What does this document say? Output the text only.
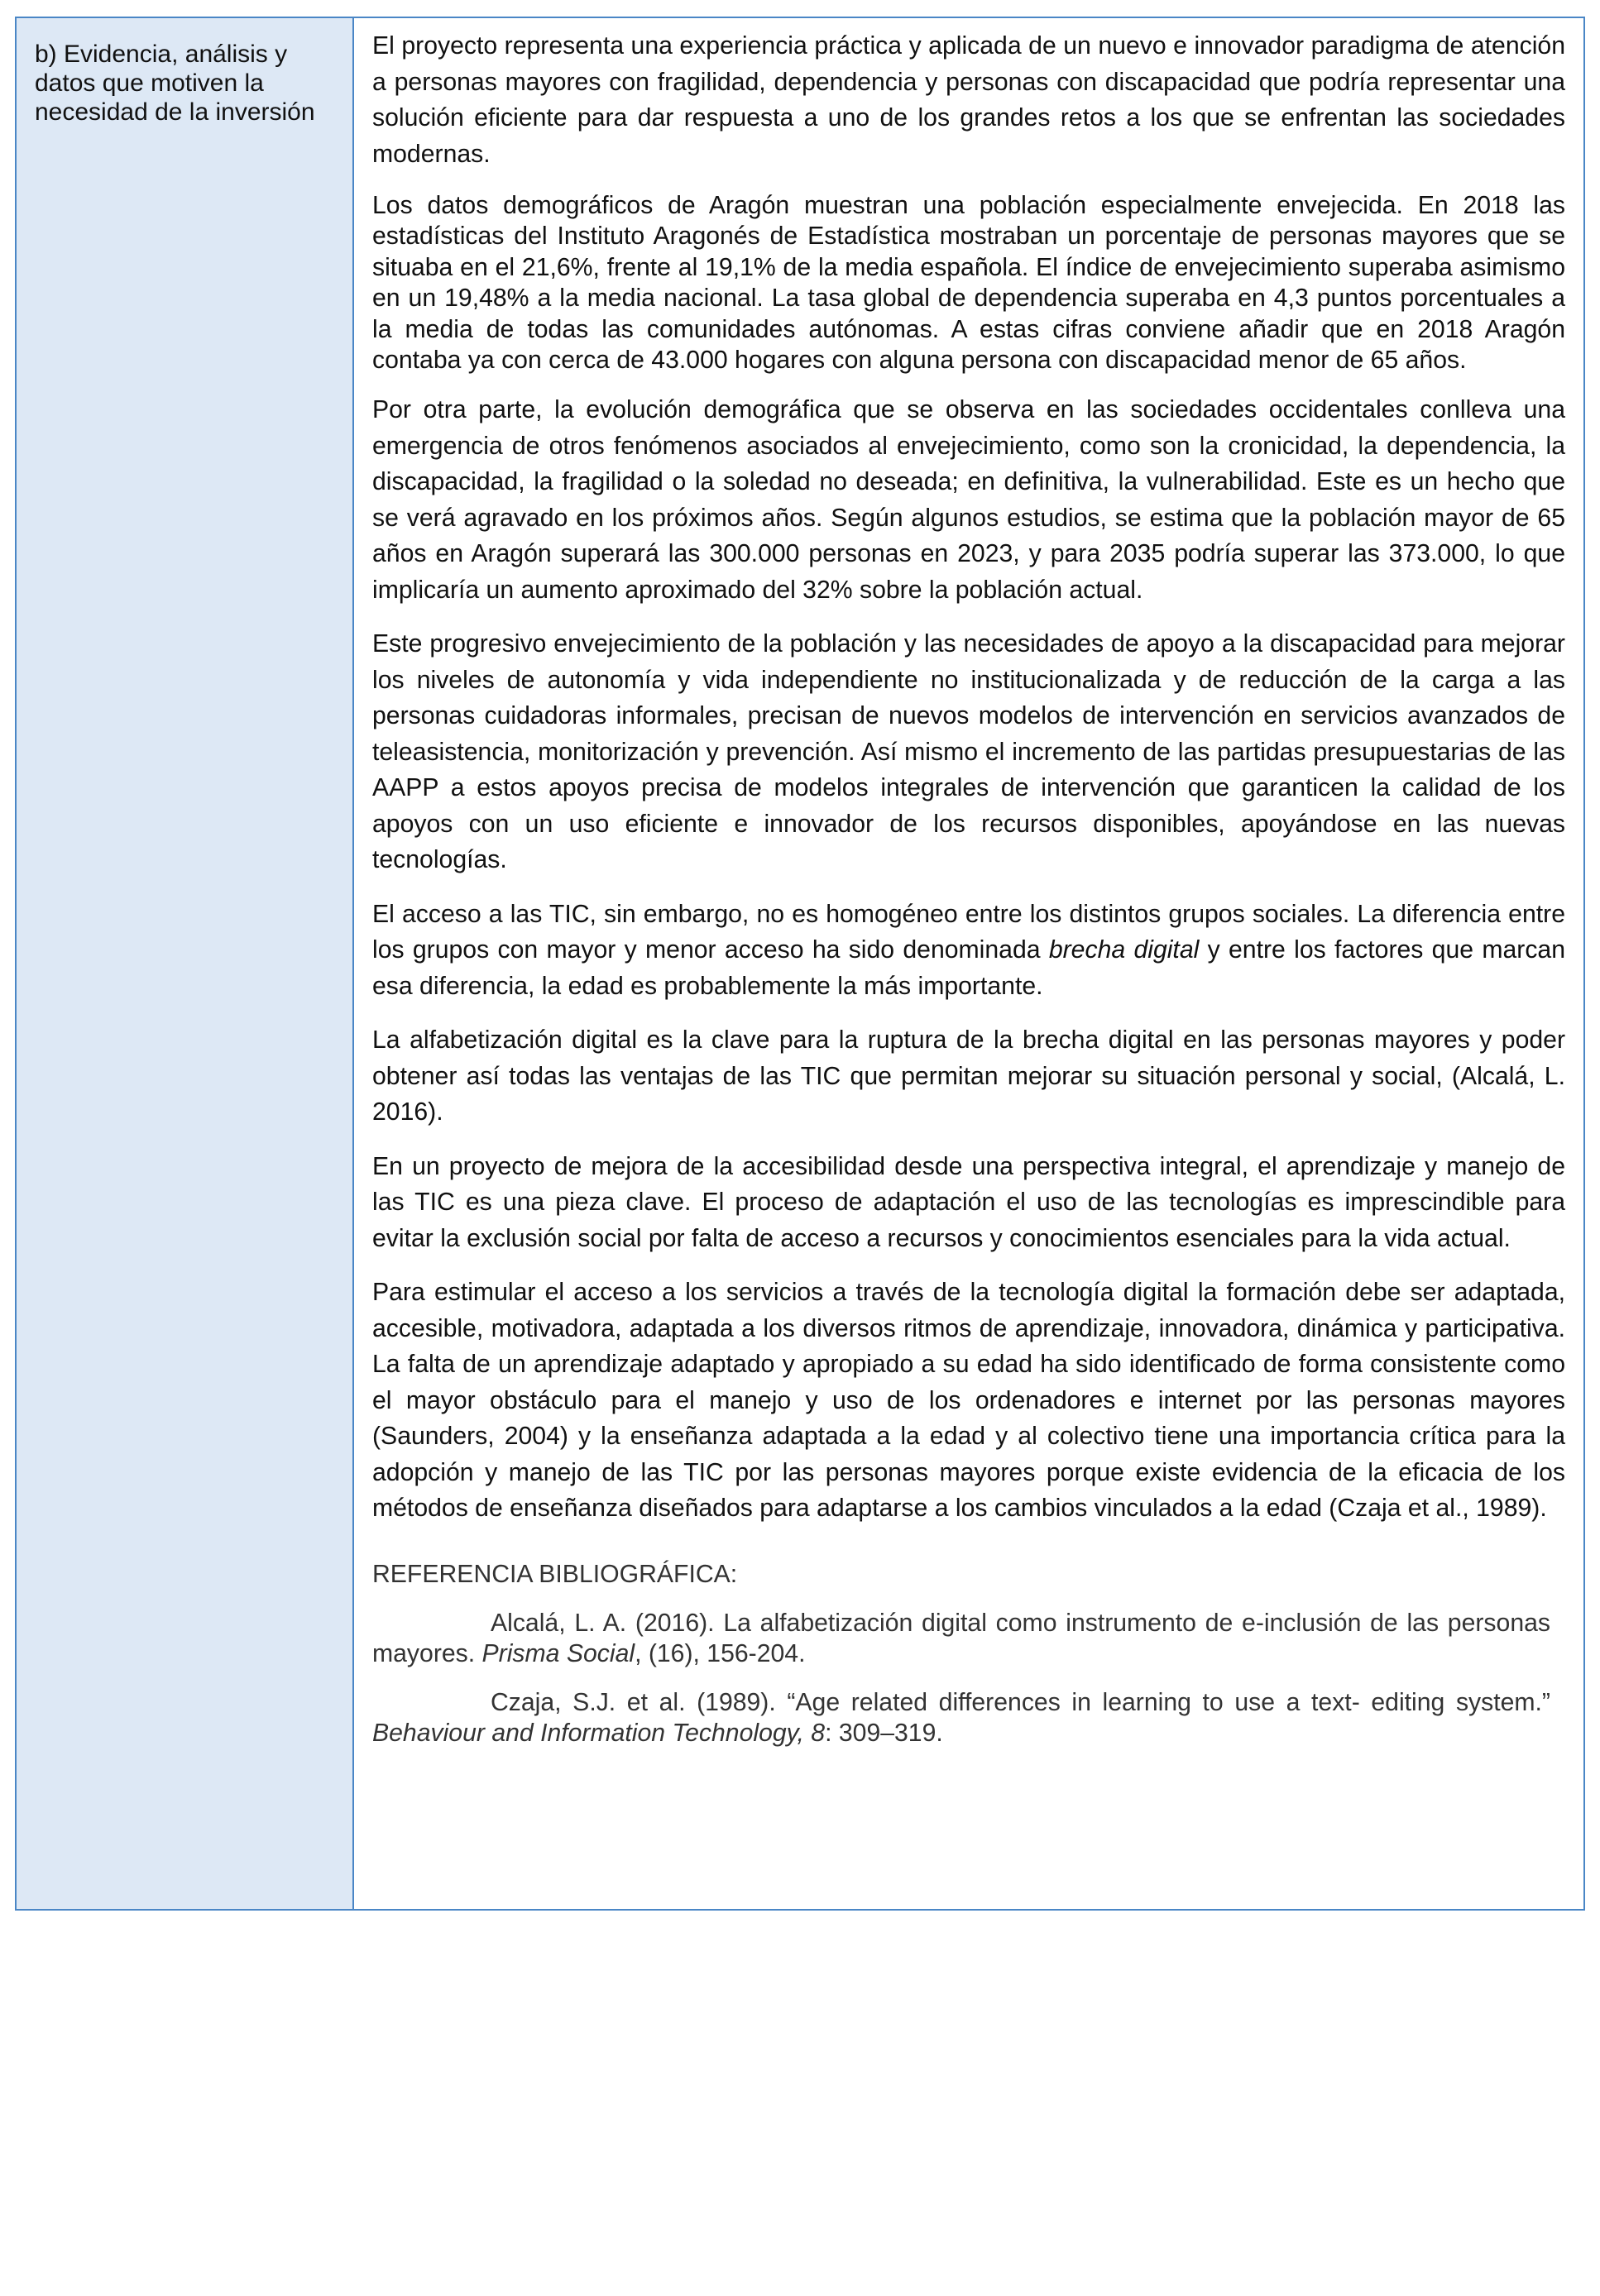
b) Evidencia, análisis y datos que motiven la necesidad de la inversión

El proyecto representa una experiencia práctica y aplicada de un nuevo e innovador paradigma de atención a personas mayores con fragilidad, dependencia y personas con discapacidad que podría representar una solución eficiente para dar respuesta a uno de los grandes retos a los que se enfrentan las sociedades modernas.

Los datos demográficos de Aragón muestran una población especialmente envejecida. En 2018 las estadísticas del Instituto Aragonés de Estadística mostraban un porcentaje de personas mayores que se situaba en el 21,6%, frente al 19,1% de la media española. El índice de envejecimiento superaba asimismo en un 19,48% a la media nacional. La tasa global de dependencia superaba en 4,3 puntos porcentuales a la media de todas las comunidades autónomas. A estas cifras conviene añadir que en 2018 Aragón contaba ya con cerca de 43.000 hogares con alguna persona con discapacidad menor de 65 años.

Por otra parte, la evolución demográfica que se observa en las sociedades occidentales conlleva una emergencia de otros fenómenos asociados al envejecimiento, como son la cronicidad, la dependencia, la discapacidad, la fragilidad o la soledad no deseada; en definitiva, la vulnerabilidad. Este es un hecho que se verá agravado en los próximos años. Según algunos estudios, se estima que la población mayor de 65 años en Aragón superará las 300.000 personas en 2023, y para 2035 podría superar las 373.000, lo que implicaría un aumento aproximado del 32% sobre la población actual.

Este progresivo envejecimiento de la población y las necesidades de apoyo a la discapacidad para mejorar los niveles de autonomía y vida independiente no institucionalizada y de reducción de la carga a las personas cuidadoras informales, precisan de nuevos modelos de intervención en servicios avanzados de teleasistencia, monitorización y prevención. Así mismo el incremento de las partidas presupuestarias de las AAPP a estos apoyos precisa de modelos integrales de intervención que garanticen la calidad de los apoyos con un uso eficiente e innovador de los recursos disponibles, apoyándose en las nuevas tecnologías.

El acceso a las TIC, sin embargo, no es homogéneo entre los distintos grupos sociales. La diferencia entre los grupos con mayor y menor acceso ha sido denominada brecha digital y entre los factores que marcan esa diferencia, la edad es probablemente la más importante.

La alfabetización digital es la clave para la ruptura de la brecha digital en las personas mayores y poder obtener así todas las ventajas de las TIC que permitan mejorar su situación personal y social, (Alcalá, L. 2016).

En un proyecto de mejora de la accesibilidad desde una perspectiva integral, el aprendizaje y manejo de las TIC es una pieza clave. El proceso de adaptación el uso de las tecnologías es imprescindible para evitar la exclusión social por falta de acceso a recursos y conocimientos esenciales para la vida actual.

Para estimular el acceso a los servicios a través de la tecnología digital la formación debe ser adaptada, accesible, motivadora, adaptada a los diversos ritmos de aprendizaje, innovadora, dinámica y participativa. La falta de un aprendizaje adaptado y apropiado a su edad ha sido identificado de forma consistente como el mayor obstáculo para el manejo y uso de los ordenadores e internet por las personas mayores (Saunders, 2004) y la enseñanza adaptada a la edad y al colectivo tiene una importancia crítica para la adopción y manejo de las TIC por las personas mayores porque existe evidencia de la eficacia de los métodos de enseñanza diseñados para adaptarse a los cambios vinculados a la edad (Czaja et al., 1989).

REFERENCIA BIBLIOGRÁFICA:

Alcalá, L. A. (2016). La alfabetización digital como instrumento de e-inclusión de las personas mayores. Prisma Social, (16), 156-204.

Czaja, S.J. et al. (1989). “Age related differences in learning to use a text- editing system.” Behaviour and Information Technology, 8: 309–319.
